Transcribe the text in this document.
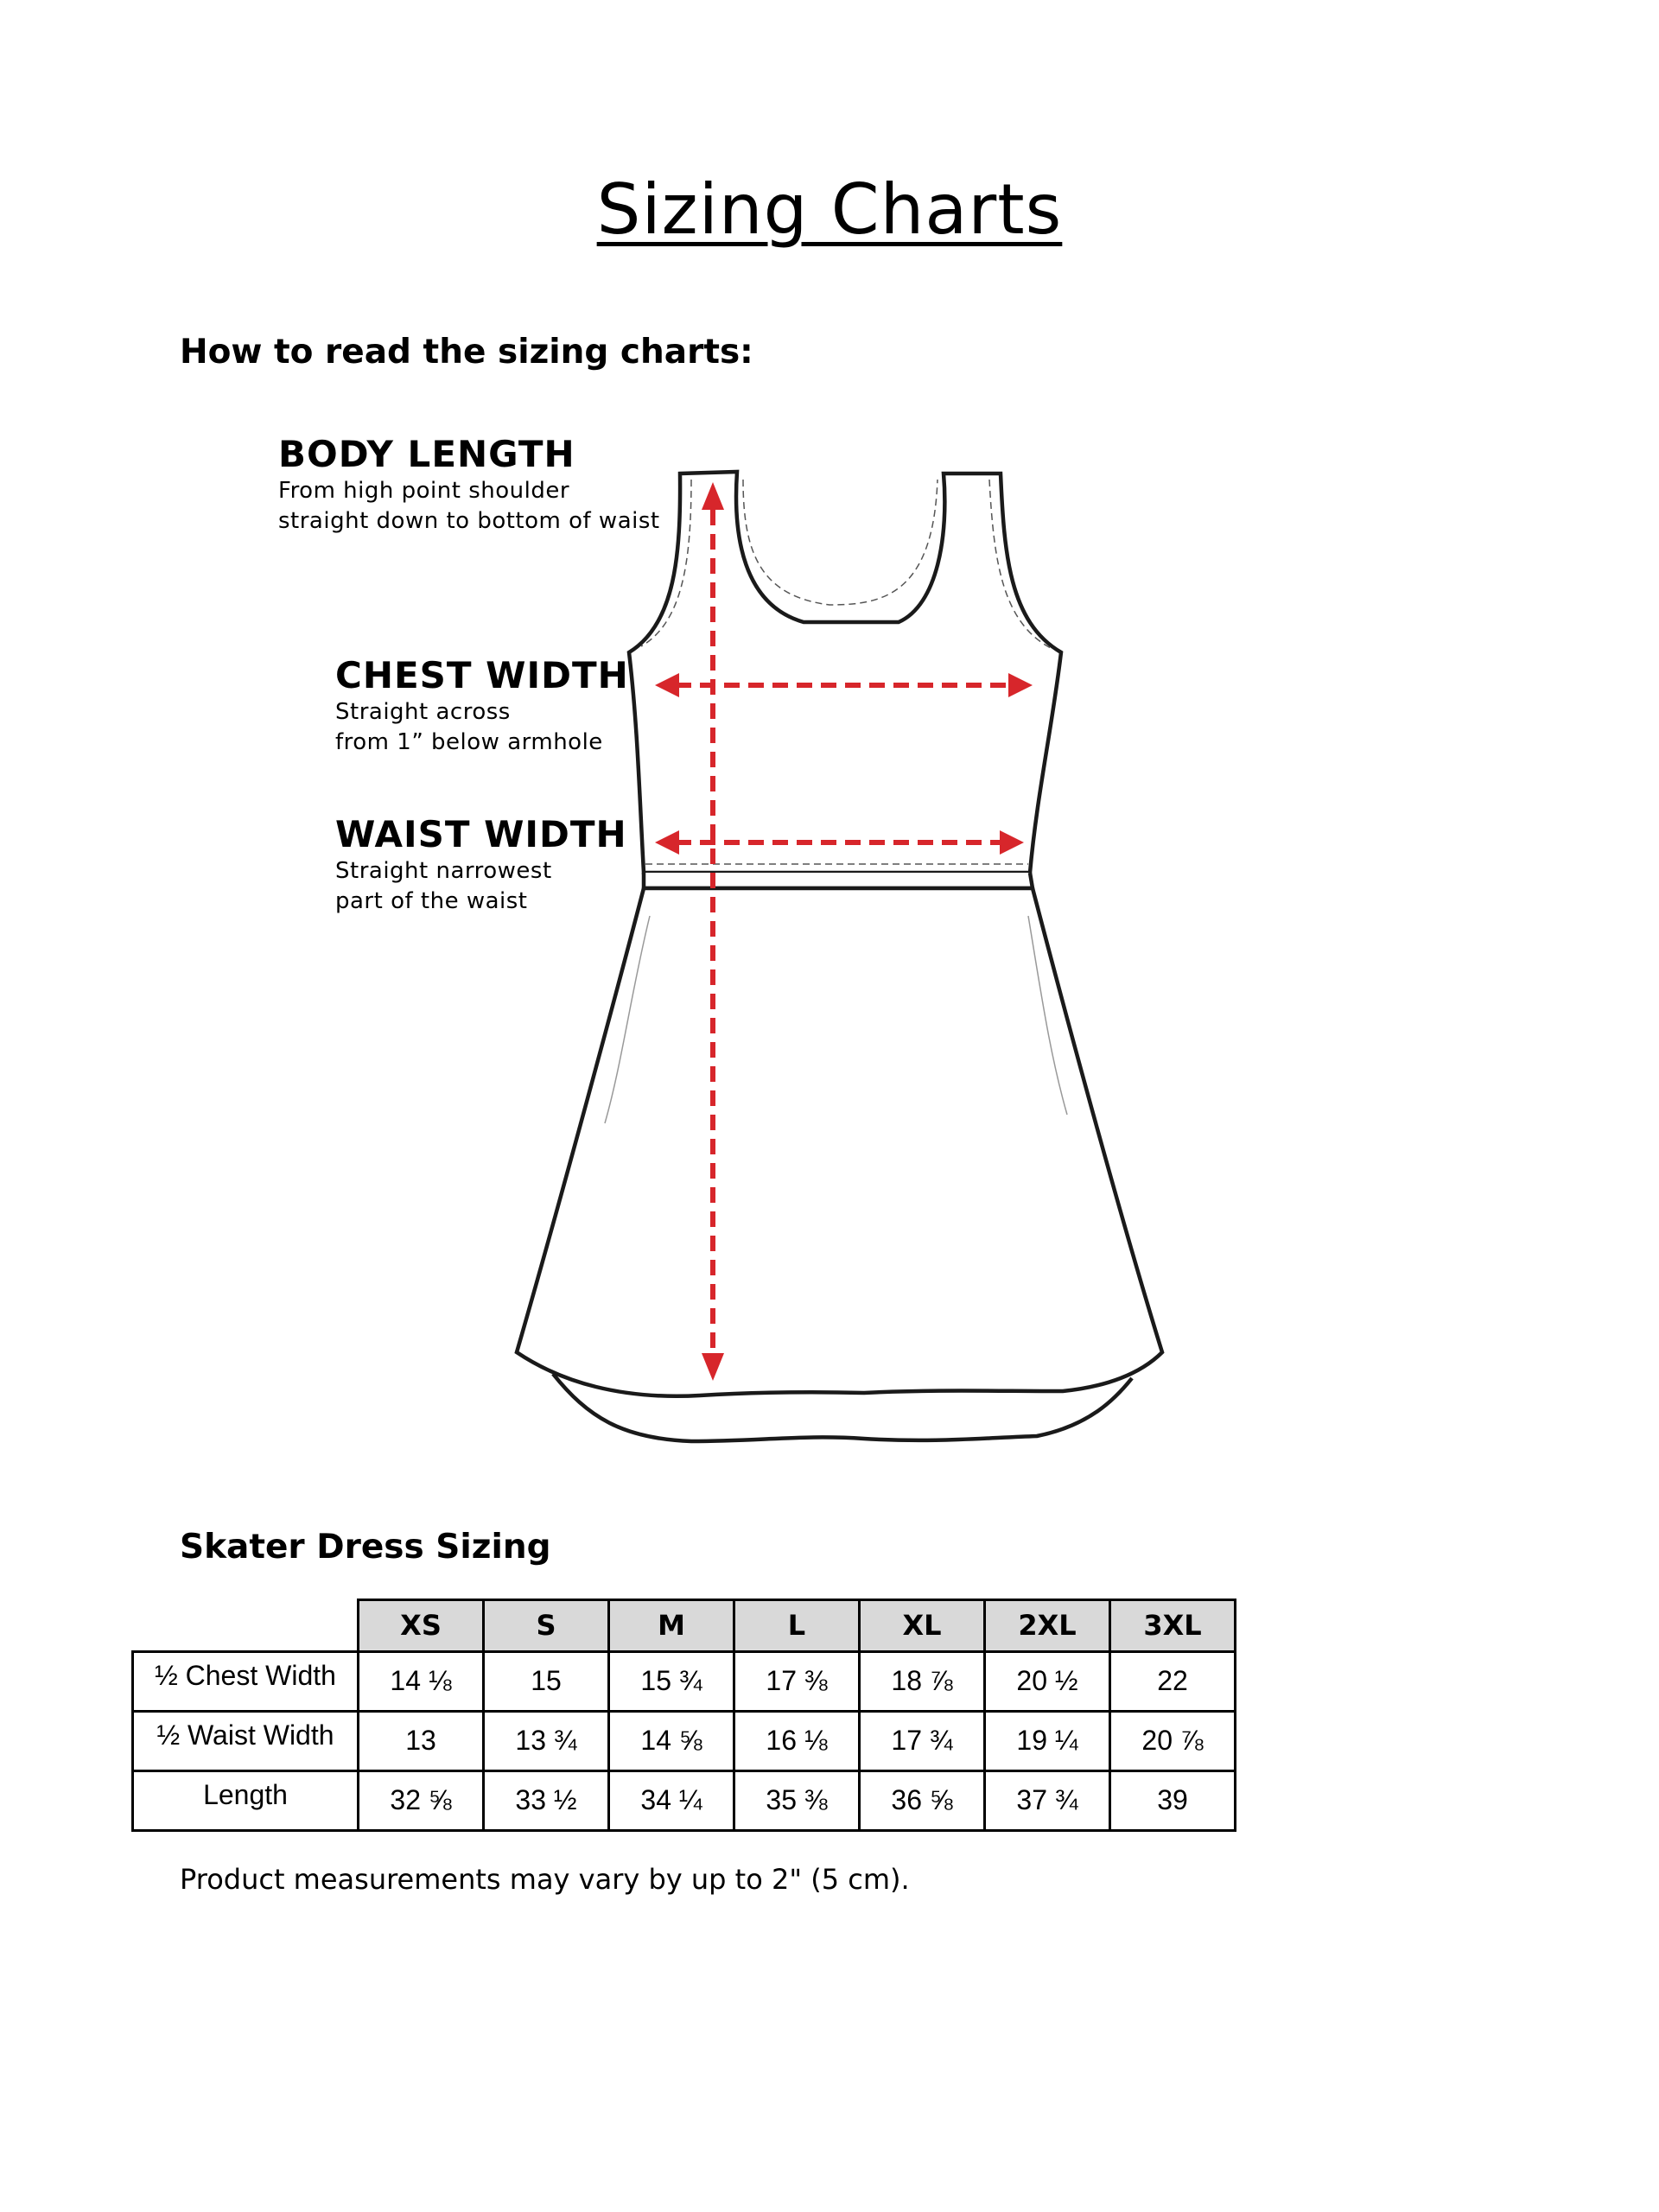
Sizing Charts
How to read the sizing charts:
BODY LENGTH
From high point shoulder
straight down to bottom of waist
CHEST WIDTH
Straight across
from 1” below armhole
WAIST WIDTH
Straight narrowest
part of the waist
Skater Dress Sizing
	XS	S	M	L	XL	2XL	3XL
½ Chest Width	14 ⅛	15	15 ¾	17 ⅜	18 ⅞	20 ½	22
½ Waist Width	13	13 ¾	14 ⅝	16 ⅛	17 ¾	19 ¼	20 ⅞
Length	32 ⅝	33 ½	34 ¼	35 ⅜	36 ⅝	37 ¾	39
Product measurements may vary by up to 2" (5 cm).
